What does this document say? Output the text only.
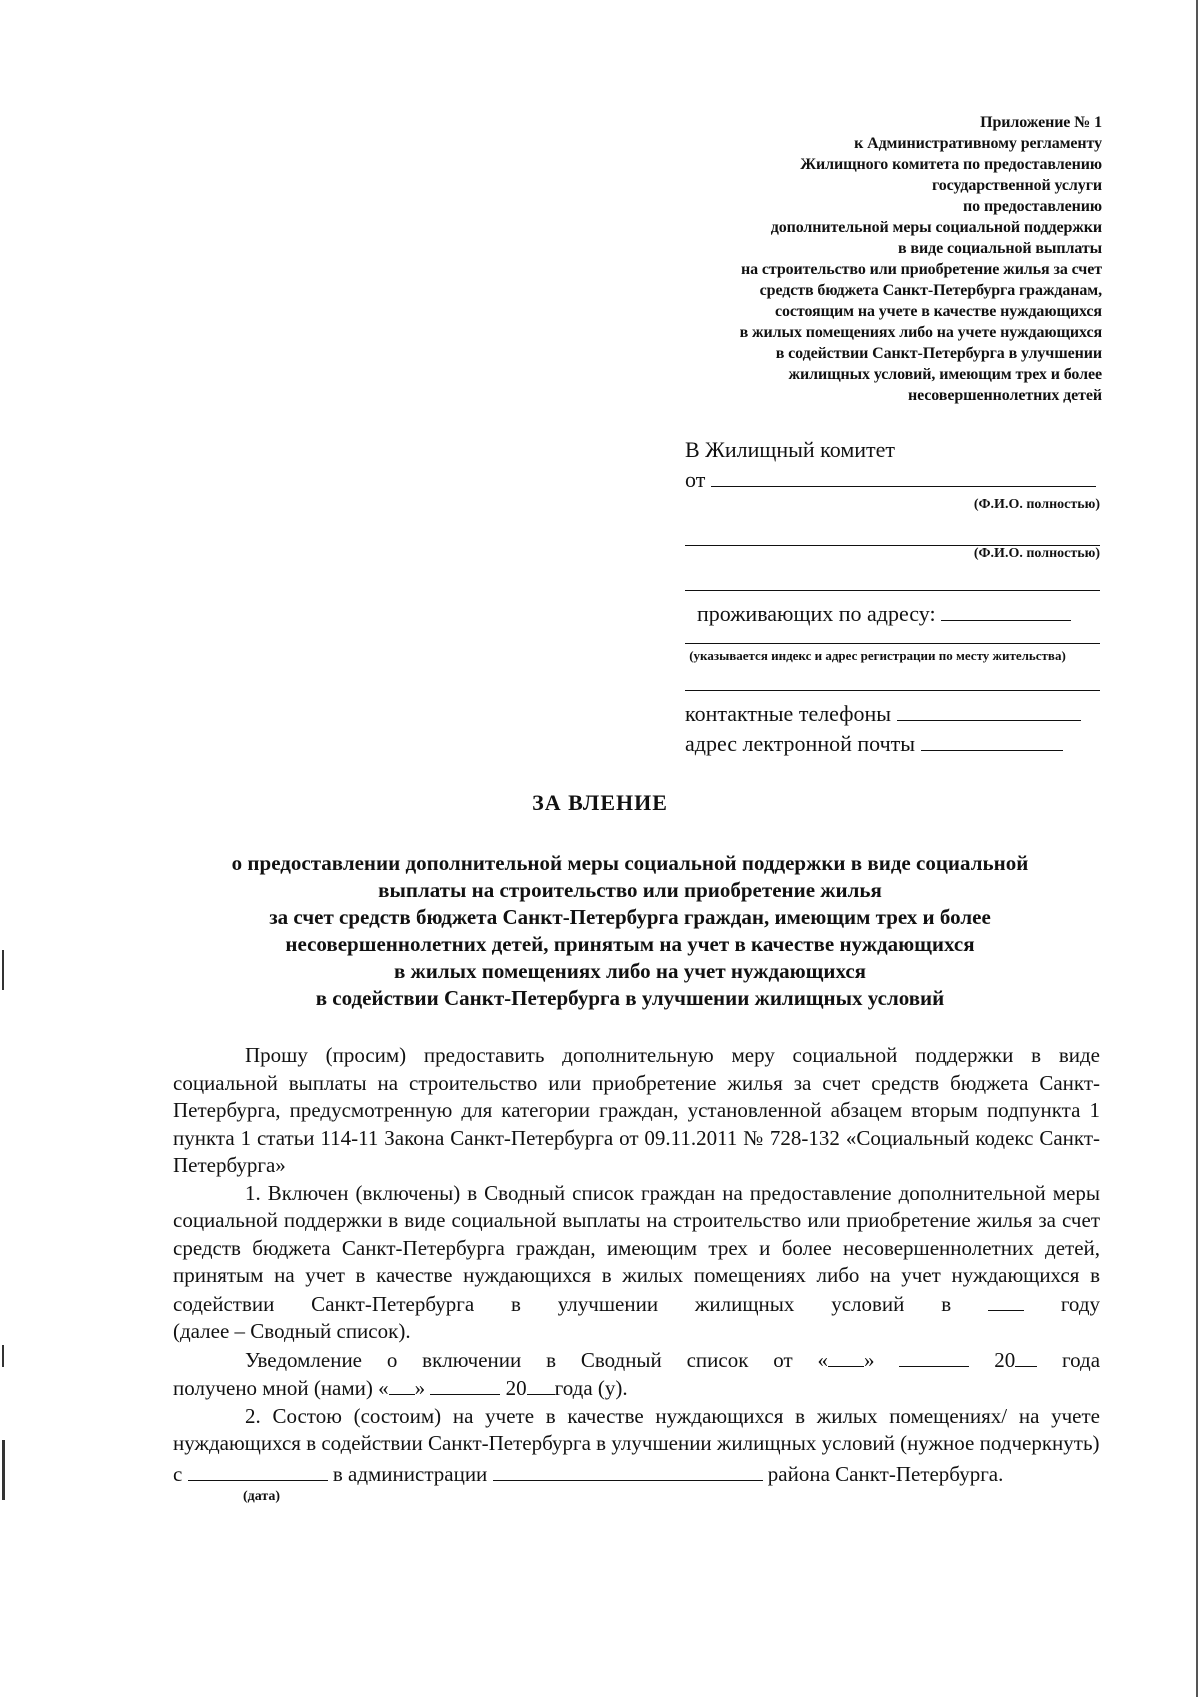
Приложение № 1
к Административному регламенту
Жилищного комитета по предоставлению
государственной услуги
по предоставлению
дополнительной меры социальной поддержки
в виде социальной выплаты
на строительство или приобретение жилья за счет
средств бюджета Санкт-Петербурга гражданам,
состоящим на учете в качестве нуждающихся
в жилых помещениях либо на учете нуждающихся
в содействии Санкт-Петербурга в улучшении
жилищных условий, имеющим трех и более
несовершеннолетних детей
В Жилищный комитет
от
(Ф.И.О. полностью)
(Ф.И.О. полностью)
проживающих по адресу:
(указывается индекс и адрес регистрации по месту жительства)
контактные телефоны
адрес лектронной почты
ЗА ВЛЕНИЕ
о предоставлении дополнительной меры социальной поддержки в виде социальной
выплаты на строительство или приобретение жилья
за счет средств бюджета Санкт-Петербурга граждан, имеющим трех и более
несовершеннолетних детей, принятым на учет в качестве нуждающихся
в жилых помещениях либо на учет нуждающихся
в содействии Санкт-Петербурга в улучшении жилищных условий

Прошу (просим) предоставить дополнительную меру социальной поддержки в виде социальной выплаты на строительство или приобретение жилья за счет средств бюджета Санкт-Петербурга, предусмотренную для категории граждан, установленной абзацем вторым подпункта 1 пункта 1 статьи 114-11 Закона Санкт-Петербурга от 09.11.2011 № 728-132 «Социальный кодекс Санкт-Петербурга»

1. Включен (включены) в Сводный список граждан на предоставление дополнительной меры социальной поддержки в виде социальной выплаты на строительство или приобретение жилья за счет средств бюджета Санкт-Петербурга граждан, имеющим трех и более несовершеннолетних детей, принятым на учет в качестве нуждающихся в жилых помещениях либо на учет нуждающихся в содействии Санкт-Петербурга в улучшении жилищных условий в	году

(далее – Сводный список).

Уведомление о включении в Сводный список от « »	20 года

получено мной (нами) « »	20 года (у).

2. Состою (состоим) на учете в качестве нуждающихся в жилых помещениях/ на учете нуждающихся в содействии Санкт-Петербурга в улучшении жилищных условий (нужное подчеркнуть)

с	в администрации	района Санкт-Петербурга.

(дата)
